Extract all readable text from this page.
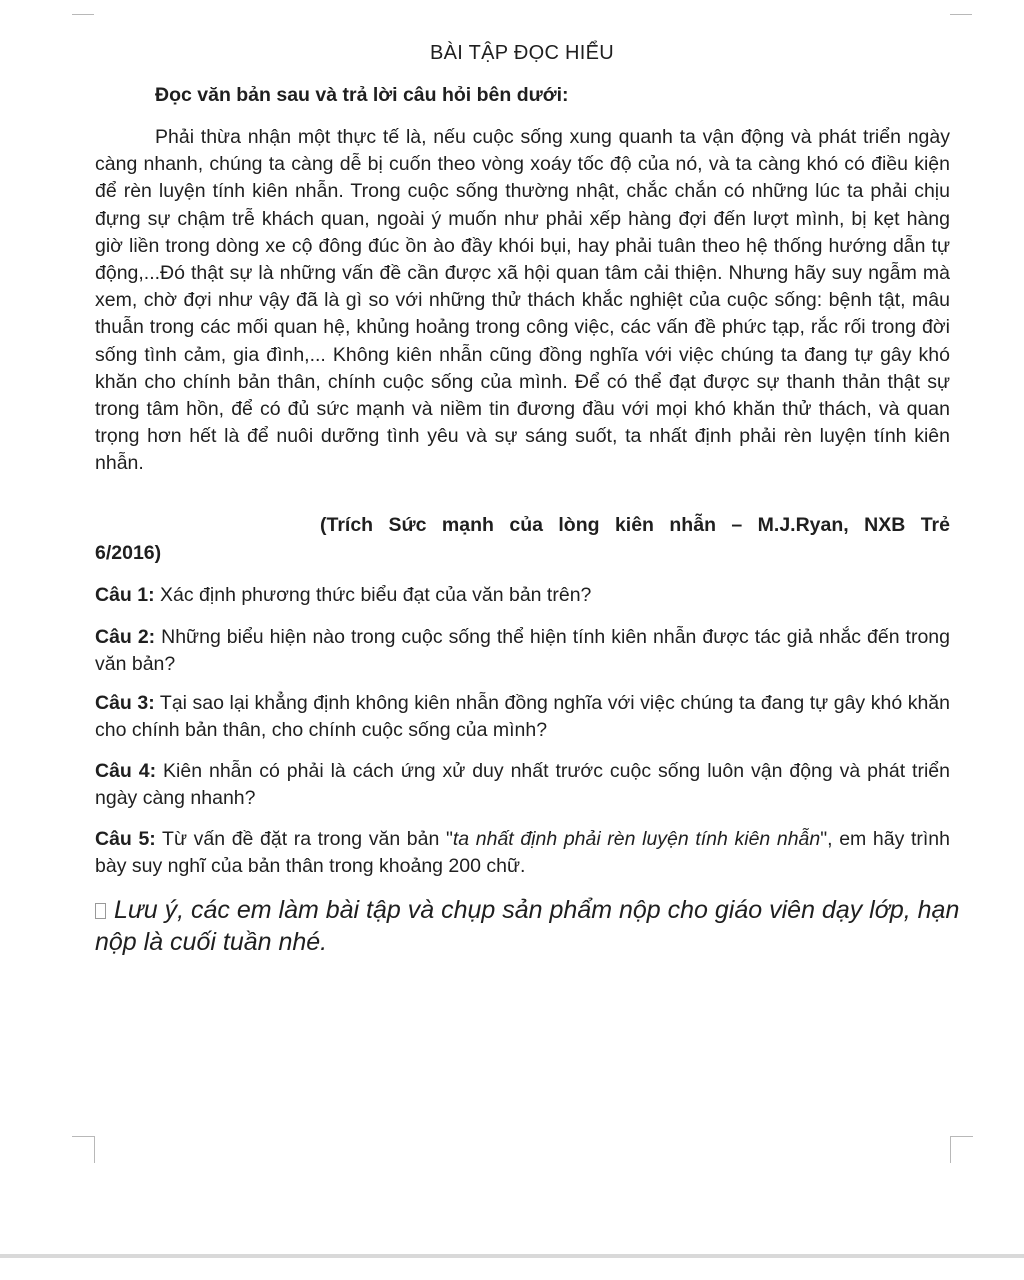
BÀI TẬP ĐỌC HIỂU
Đọc văn bản sau và trả lời câu hỏi bên dưới:

Phải thừa nhận một thực tế là, nếu cuộc sống xung quanh ta vận động và phát triển ngày càng nhanh, chúng ta càng dễ bị cuốn theo vòng xoáy tốc độ của nó, và ta càng khó có điều kiện để rèn luyện tính kiên nhẫn. Trong cuộc sống thường nhật, chắc chắn có những lúc ta phải chịu đựng sự chậm trễ khách quan, ngoài ý muốn như phải xếp hàng đợi đến lượt mình, bị kẹt hàng giờ liền trong dòng xe cộ đông đúc ồn ào đầy khói bụi, hay phải tuân theo hệ thống hướng dẫn tự động,...Đó thật sự là những vấn đề cần được xã hội quan tâm cải thiện. Nhưng hãy suy ngẫm mà xem, chờ đợi như vậy đã là gì so với những thử thách khắc nghiệt của cuộc sống: bệnh tật, mâu thuẫn trong các mối quan hệ, khủng hoảng trong công việc, các vấn đề phức tạp, rắc rối trong đời sống tình cảm, gia đình,... Không kiên nhẫn cũng đồng nghĩa với việc chúng ta đang tự gây khó khăn cho chính bản thân, chính cuộc sống của mình. Để có thể đạt được sự thanh thản thật sự trong tâm hồn, để có đủ sức mạnh và niềm tin đương đầu với mọi khó khăn thử thách, và quan trọng hơn hết là để nuôi dưỡng tình yêu và sự sáng suốt, ta nhất định phải rèn luyện tính kiên nhẫn.

(Trích Sức mạnh của lòng kiên nhẫn – M.J.Ryan, NXB Trẻ
6/2016)

Câu 1: Xác định phương thức biểu đạt của văn bản trên?

Câu 2: Những biểu hiện nào trong cuộc sống thể hiện tính kiên nhẫn được tác giả nhắc đến trong văn bản?

Câu 3: Tại sao lại khẳng định không kiên nhẫn đồng nghĩa với việc chúng ta đang tự gây khó khăn cho chính bản thân, cho chính cuộc sống của mình?

Câu 4: Kiên nhẫn có phải là cách ứng xử duy nhất trước cuộc sống luôn vận động và phát triển ngày càng nhanh?

Câu 5: Từ vấn đề đặt ra trong văn bản "ta nhất định phải rèn luyện tính kiên nhẫn", em hãy trình bày suy nghĩ của bản thân trong khoảng 200 chữ.

Lưu ý, các em làm bài tập và chụp sản phẩm nộp cho giáo viên dạy lớp, hạn nộp là cuối tuần nhé.
